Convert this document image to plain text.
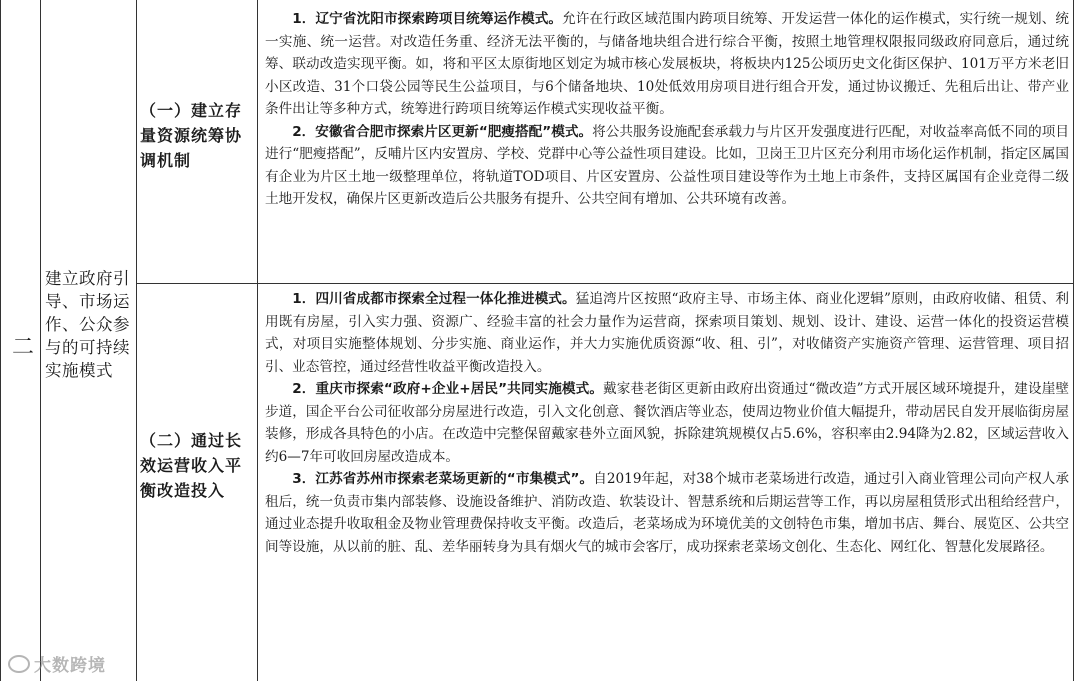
二
建立政府引导、市场运作、公众参与的可持续实施模式
（一）建立存量资源统筹协调机制

1．辽宁省沈阳市探索跨项目统筹运作模式。允许在行政区域范围内跨项目统筹、开发运营一体化的运作模式，实行统一规划、统一实施、统一运营。对改造任务重、经济无法平衡的，与储备地块组合进行综合平衡，按照土地管理权限报同级政府同意后，通过统筹、联动改造实现平衡。如，将和平区太原街地区划定为城市核心发展板块，将板块内125公顷历史文化街区保护、101万平方米老旧小区改造、31个口袋公园等民生公益项目，与6个储备地块、10处低效用房项目进行组合开发，通过协议搬迁、先租后出让、带产业条件出让等多种方式，统筹进行跨项目统筹运作模式实现收益平衡。

2．安徽省合肥市探索片区更新“肥瘦搭配”模式。将公共服务设施配套承载力与片区开发强度进行匹配，对收益率高低不同的项目进行“肥瘦搭配”，反哺片区内安置房、学校、党群中心等公益性项目建设。比如，卫岗王卫片区充分利用市场化运作机制，指定区属国有企业为片区土地一级整理单位，将轨道TOD项目、片区安置房、公益性项目建设等作为土地上市条件，支持区属国有企业竞得二级土地开发权，确保片区更新改造后公共服务有提升、公共空间有增加、公共环境有改善。

（二）通过长效运营收入平衡改造投入

1．四川省成都市探索全过程一体化推进模式。猛追湾片区按照“政府主导、市场主体、商业化逻辑”原则，由政府收储、租赁、利用既有房屋，引入实力强、资源广、经验丰富的社会力量作为运营商，探索项目策划、规划、设计、建设、运营一体化的投资运营模式，对项目实施整体规划、分步实施、商业运作，并大力实施优质资源“收、租、引”，对收储资产实施资产管理、运营管理、项目招引、业态管控，通过经营性收益平衡改造投入。

2．重庆市探索“政府+企业+居民”共同实施模式。戴家巷老街区更新由政府出资通过“微改造”方式开展区域环境提升，建设崖壁步道，国企平台公司征收部分房屋进行改造，引入文化创意、餐饮酒店等业态，使周边物业价值大幅提升，带动居民自发开展临街房屋装修，形成各具特色的小店。在改造中完整保留戴家巷外立面风貌，拆除建筑规模仅占5.6%，容积率由2.94降为2.82，区域运营收入约6—7年可收回房屋改造成本。

3．江苏省苏州市探索老菜场更新的“市集模式”。自2019年起，对38个城市老菜场进行改造，通过引入商业管理公司向产权人承租后，统一负责市集内部装修、设施设备维护、消防改造、软装设计、智慧系统和后期运营等工作，再以房屋租赁形式出租给经营户，通过业态提升收取租金及物业管理费保持收支平衡。改造后，老菜场成为环境优美的文创特色市集，增加书店、舞台、展览区、公共空间等设施，从以前的脏、乱、差华丽转身为具有烟火气的城市会客厅，成功探索老菜场文创化、生态化、网红化、智慧化发展路径。

大数跨境
